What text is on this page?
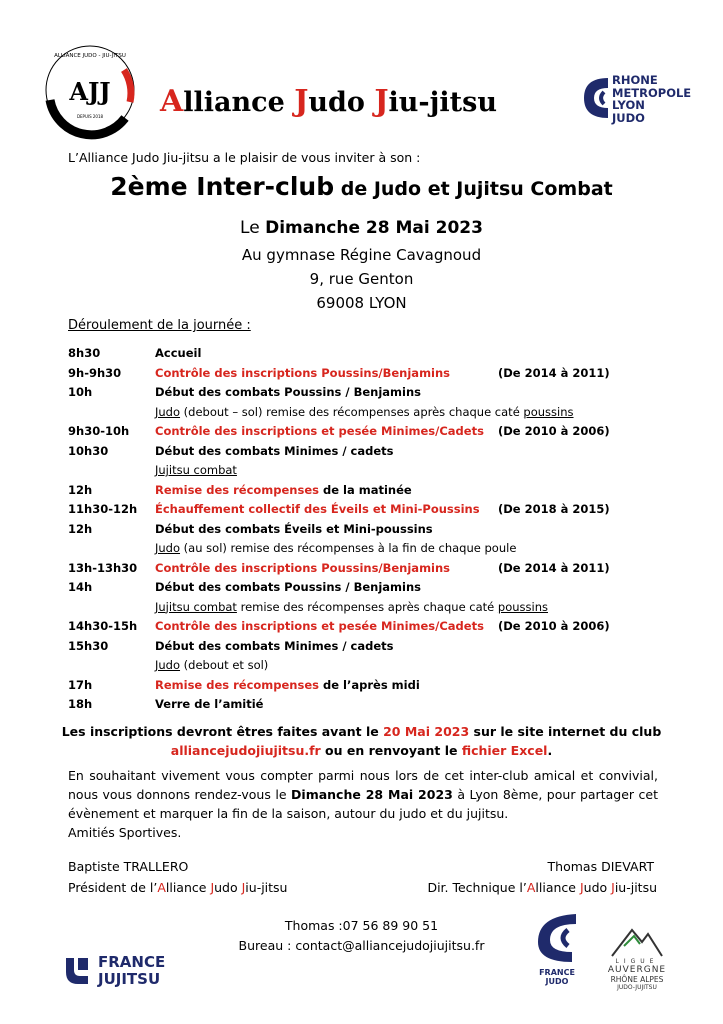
AJJ
DEPUIS 2018
ALLIANCE JUDO - JIU-JITSU
Alliance Judo Jiu-jitsu
RHONE
METROPOLE
LYON
JUDO
L’Alliance Judo Jiu-jitsu a le plaisir de vous inviter à son :
2ème Inter-club de Judo et Jujitsu Combat
Le Dimanche 28 Mai 2023
Au gymnase Régine Cavagnoud
9, rue Genton
69008 LYON
Déroulement de la journée :
8h30	Accueil
9h-9h30	Contrôle des inscriptions Poussins/Benjamins	(De 2014 à 2011)
10h	Début des combats Poussins / Benjamins
Judo (debout – sol) remise des récompenses après chaque caté poussins
9h30-10h Contrôle des inscriptions et pesée Minimes/Cadets (De 2010 à 2006)
10h30	Début des combats Minimes / cadets
Jujitsu combat
12h	Remise des récompenses de la matinée
11h30-12h Échauffement collectif des Éveils et Mini-Poussins (De 2018 à 2015)
12h	Début des combats Éveils et Mini-poussins
Judo (au sol) remise des récompenses à la fin de chaque poule
13h-13h30 Contrôle des inscriptions Poussins/Benjamins	(De 2014 à 2011)
14h	Début des combats Poussins / Benjamins
Jujitsu combat remise des récompenses après chaque caté poussins
14h30-15h Contrôle des inscriptions et pesée Minimes/Cadets (De 2010 à 2006)
15h30	Début des combats Minimes / cadets
Judo (debout et sol)
17h	Remise des récompenses de l’après midi
18h	Verre de l’amitié
Les inscriptions devront êtres faites avant le 20 Mai 2023 sur le site internet du club
alliancejudojiujitsu.fr ou en renvoyant le fichier Excel.
En souhaitant vivement vous compter parmi nous lors de cet inter-club amical et convivial, nous vous donnons rendez-vous le Dimanche 28 Mai 2023 à Lyon 8ème, pour partager cet évènement et marquer la fin de la saison, autour du judo et du jujitsu.
Amitiés Sportives.
Baptiste TRALLERO
Président de l’Alliance Judo Jiu-jitsu
Thomas DIEVART
Dir. Technique l’Alliance Judo Jiu-jitsu
Thomas :07 56 89 90 51
Bureau : contact@alliancejudojiujitsu.fr
FRANCE
JUJITSU	FRANCE
JUDO
LIGUE
AUVERGNE
RHÔNE ALPES
JUDO-JUJITSU
